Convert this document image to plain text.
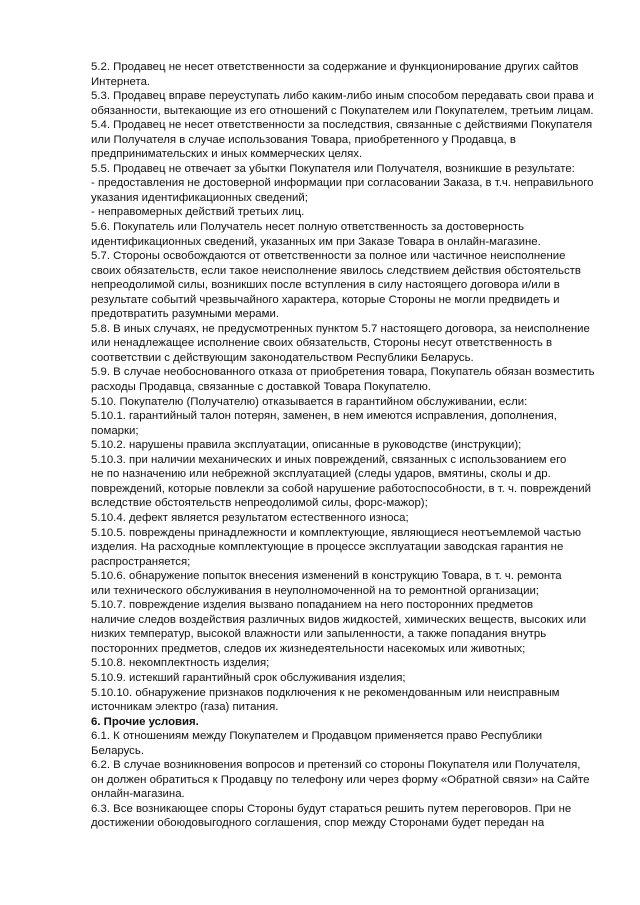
5.2. Продавец не несет ответственности за содержание и функционирование других сайтов
Интернета.
5.3. Продавец вправе переуступать либо каким-либо иным способом передавать свои права и
обязанности, вытекающие из его отношений с Покупателем или Покупателем, третьим лицам.
5.4. Продавец не несет ответственности за последствия, связанные с действиями Покупателя
или Получателя в случае использования Товара, приобретенного у Продавца, в
предпринимательских и иных коммерческих целях.
5.5. Продавец не отвечает за убытки Покупателя или Получателя, возникшие в результате:
- предоставления не достоверной информации при согласовании Заказа, в т.ч. неправильного
указания идентификационных сведений;
- неправомерных действий третьих лиц.
5.6. Покупатель или Получатель несет полную ответственность за достоверность
идентификационных сведений, указанных им при Заказе Товара в онлайн-магазине.
5.7. Стороны освобождаются от ответственности за полное или частичное неисполнение
своих обязательств, если такое неисполнение явилось следствием действия обстоятельств
непреодолимой силы, возникших после вступления в силу настоящего договора и/или в
результате событий чрезвычайного характера, которые Стороны не могли предвидеть и
предотвратить разумными мерами.
5.8. В иных случаях, не предусмотренных пунктом 5.7 настоящего договора, за неисполнение
или ненадлежащее исполнение своих обязательств, Стороны несут ответственность в
соответствии с действующим законодательством Республики Беларусь.
5.9. В случае необоснованного отказа от приобретения товара, Покупатель обязан возместить
расходы Продавца, связанные с доставкой Товара Покупателю.
5.10. Покупателю (Получателю) отказывается в гарантийном обслуживании, если:
5.10.1. гарантийный талон потерян, заменен, в нем имеются исправления, дополнения,
помарки;
5.10.2. нарушены правила эксплуатации, описанные в руководстве (инструкции);
5.10.3. при наличии механических и иных повреждений, связанных с использованием его
не по назначению или небрежной эксплуатацией (следы ударов, вмятины, сколы и др.
повреждений, которые повлекли за собой нарушение работоспособности, в т. ч. повреждений
вследствие обстоятельств непреодолимой силы, форс-мажор);
5.10.4. дефект является результатом естественного износа;
5.10.5. повреждены принадлежности и комплектующие, являющиеся неотъемлемой частью
изделия. На расходные комплектующие в процессе эксплуатации заводская гарантия не
распространяется;
5.10.6. обнаружение попыток внесения изменений в конструкцию Товара, в т. ч. ремонта
или технического обслуживания в неуполномоченной на то ремонтной организации;
5.10.7. повреждение изделия вызвано попаданием на него посторонних предметов
наличие следов воздействия различных видов жидкостей, химических веществ, высоких или
низких температур, высокой влажности или запыленности, а также попадания внутрь
посторонних предметов, следов их жизнедеятельности насекомых или животных;
5.10.8. некомплектность изделия;
5.10.9. истекший гарантийный срок обслуживания изделия;
5.10.10. обнаружение признаков подключения к не рекомендованным или неисправным
источникам электро (газа) питания.
6. Прочие условия.
6.1. К отношениям между Покупателем и Продавцом применяется право Республики
Беларусь.
6.2. В случае возникновения вопросов и претензий со стороны Покупателя или Получателя,
он должен обратиться к Продавцу по телефону или через форму «Обратной связи» на Сайте
онлайн-магазина.
6.3. Все возникающее споры Стороны будут стараться решить путем переговоров. При не
достижении обоюдовыгодного соглашения, спор между Сторонами будет передан на
